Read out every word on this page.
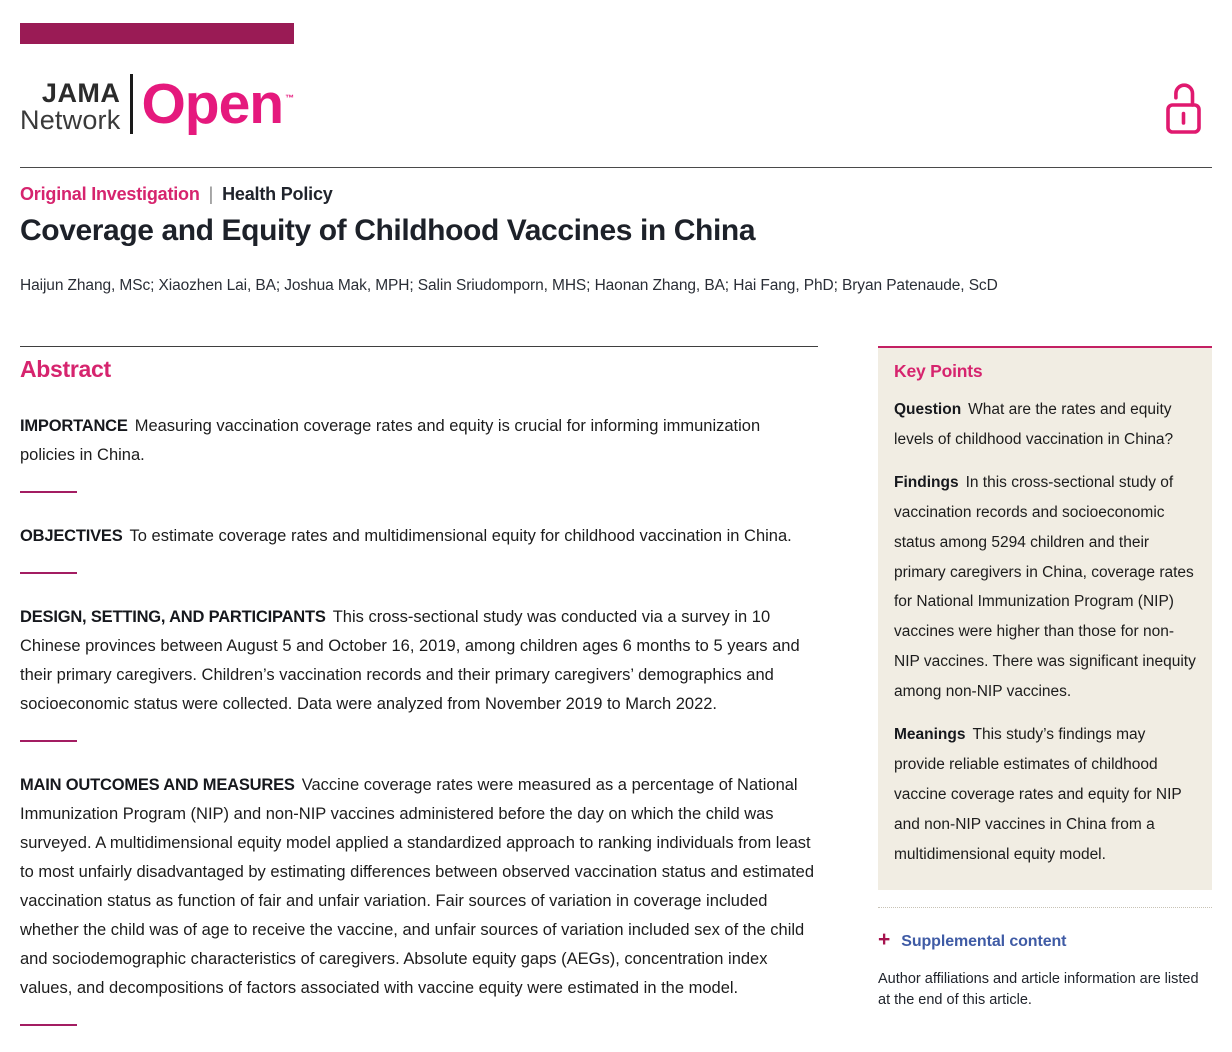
JAMA
Network Open ™
Original Investigation | Health Policy
Coverage and Equity of Childhood Vaccines in China
Haijun Zhang, MSc; Xiaozhen Lai, BA; Joshua Mak, MPH; Salin Sriudomporn, MHS; Haonan Zhang, BA; Hai Fang, PhD; Bryan Patenaude, ScD
Abstract

IMPORTANCE Measuring vaccination coverage rates and equity is crucial for informing immunization policies in China.

OBJECTIVES To estimate coverage rates and multidimensional equity for childhood vaccination in China.

DESIGN, SETTING, AND PARTICIPANTS This cross-sectional study was conducted via a survey in 10 Chinese provinces between August 5 and October 16, 2019, among children ages 6 months to 5 years and their primary caregivers. Children’s vaccination records and their primary caregivers’ demographics and socioeconomic status were collected. Data were analyzed from November 2019 to March 2022.

MAIN OUTCOMES AND MEASURES Vaccine coverage rates were measured as a percentage of National Immunization Program (NIP) and non-NIP vaccines administered before the day on which the child was surveyed. A multidimensional equity model applied a standardized approach to ranking individuals from least to most unfairly disadvantaged by estimating differences between observed vaccination status and estimated vaccination status as function of fair and unfair variation. Fair sources of variation in coverage included whether the child was of age to receive the vaccine, and unfair sources of variation included sex of the child and sociodemographic characteristics of caregivers. Absolute equity gaps (AEGs), concentration index values, and decompositions of factors associated with vaccine equity were estimated in the model.

Key Points

Question What are the rates and equity levels of childhood vaccination in China?

Findings In this cross-sectional study of vaccination records and socioeconomic status among 5294 children and their primary caregivers in China, coverage rates for National Immunization Program (NIP) vaccines were higher than those for non-NIP vaccines. There was significant inequity among non-NIP vaccines.

Meanings This study’s findings may provide reliable estimates of childhood vaccine coverage rates and equity for NIP and non-NIP vaccines in China from a multidimensional equity model.

+ Supplemental content

Author affiliations and article information are listed at the end of this article.
